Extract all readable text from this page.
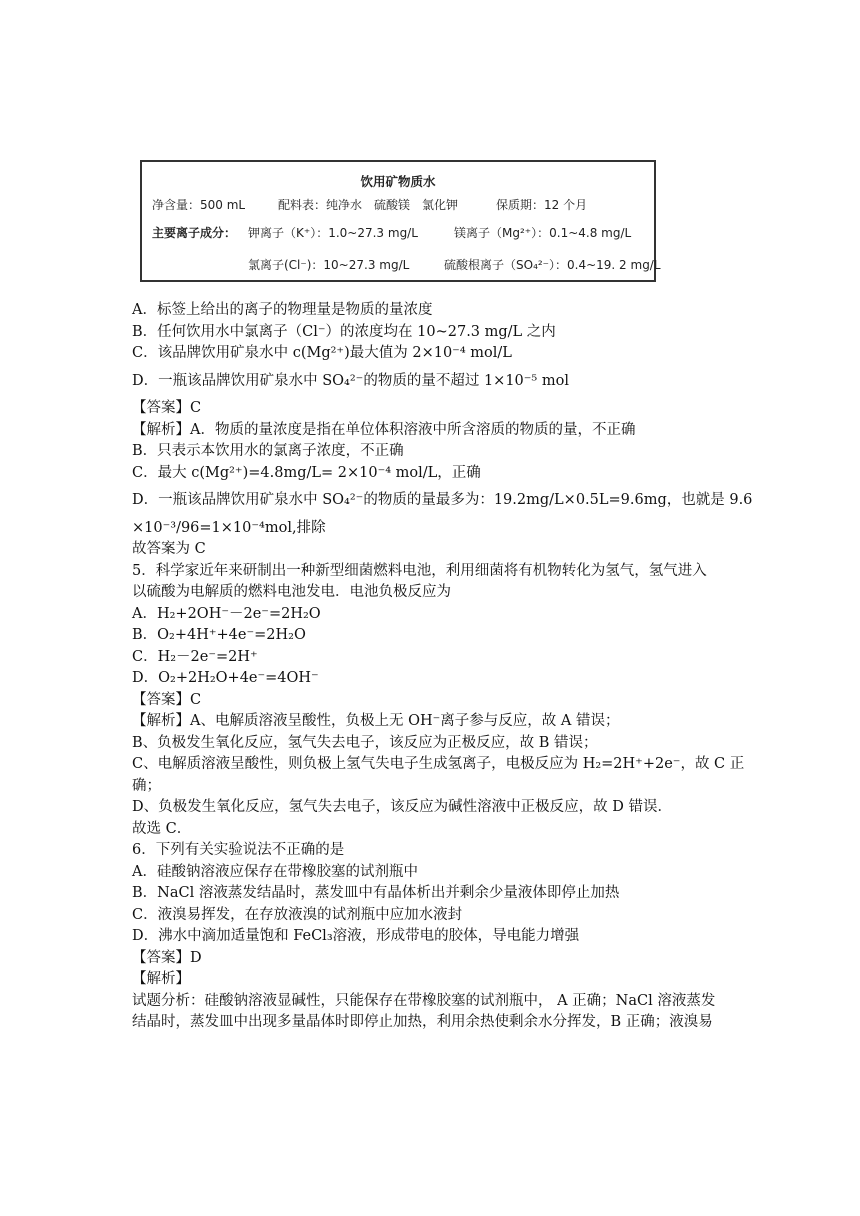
饮用矿物质水
净含量：500 mL	配料表：纯净水　硫酸镁　氯化钾	保质期：12 个月
主要离子成分： 钾离子（K⁺）：1.0~27.3 mg/L	镁离子（Mg²⁺）：0.1~4.8 mg/L
氯离子(Cl⁻)：10~27.3 mg/L	硫酸根离子（SO₄²⁻）：0.4~19. 2 mg/L
A．标签上给出的离子的物理量是物质的量浓度
B．任何饮用水中氯离子（Cl⁻）的浓度均在 10~27.3 mg/L 之内
C．该品牌饮用矿泉水中 c(Mg²⁺)最大值为 2×10⁻⁴ mol/L
D．一瓶该品牌饮用矿泉水中 SO₄²⁻的物质的量不超过 1×10⁻⁵ mol
【答案】C
【解析】A．物质的量浓度是指在单位体积溶液中所含溶质的物质的量，不正确
B．只表示本饮用水的氯离子浓度，不正确
C．最大 c(Mg²⁺)=4.8mg/L= 2×10⁻⁴ mol/L，正确
D．一瓶该品牌饮用矿泉水中 SO₄²⁻的物质的量最多为：19.2mg/L×0.5L=9.6mg，也就是 9.6
×10⁻³/96=1×10⁻⁴mol,排除
故答案为 C
5．科学家近年来研制出一种新型细菌燃料电池，利用细菌将有机物转化为氢气，氢气进入
以硫酸为电解质的燃料电池发电．电池负极反应为
A．H₂+2OH⁻－2e⁻=2H₂O
B．O₂+4H⁺+4e⁻=2H₂O
C．H₂－2e⁻=2H⁺
D．O₂+2H₂O+4e⁻=4OH⁻
【答案】C
【解析】A、电解质溶液呈酸性，负极上无 OH⁻离子参与反应，故 A 错误；
B、负极发生氧化反应，氢气失去电子，该反应为正极反应，故 B 错误；
C、电解质溶液呈酸性，则负极上氢气失电子生成氢离子，电极反应为 H₂=2H⁺+2e⁻，故 C 正
确；
D、负极发生氧化反应，氢气失去电子，该反应为碱性溶液中正极反应，故 D 错误．
故选 C．
6．下列有关实验说法不正确的是
A．硅酸钠溶液应保存在带橡胶塞的试剂瓶中
B．NaCl 溶液蒸发结晶时，蒸发皿中有晶体析出并剩余少量液体即停止加热
C．液溴易挥发，在存放液溴的试剂瓶中应加水液封
D．沸水中滴加适量饱和 FeCl₃溶液，形成带电的胶体，导电能力增强
【答案】D
【解析】
试题分析：硅酸钠溶液显碱性，只能保存在带橡胶塞的试剂瓶中， A 正确；NaCl 溶液蒸发
结晶时，蒸发皿中出现多量晶体时即停止加热，利用余热使剩余水分挥发，B 正确；液溴易
